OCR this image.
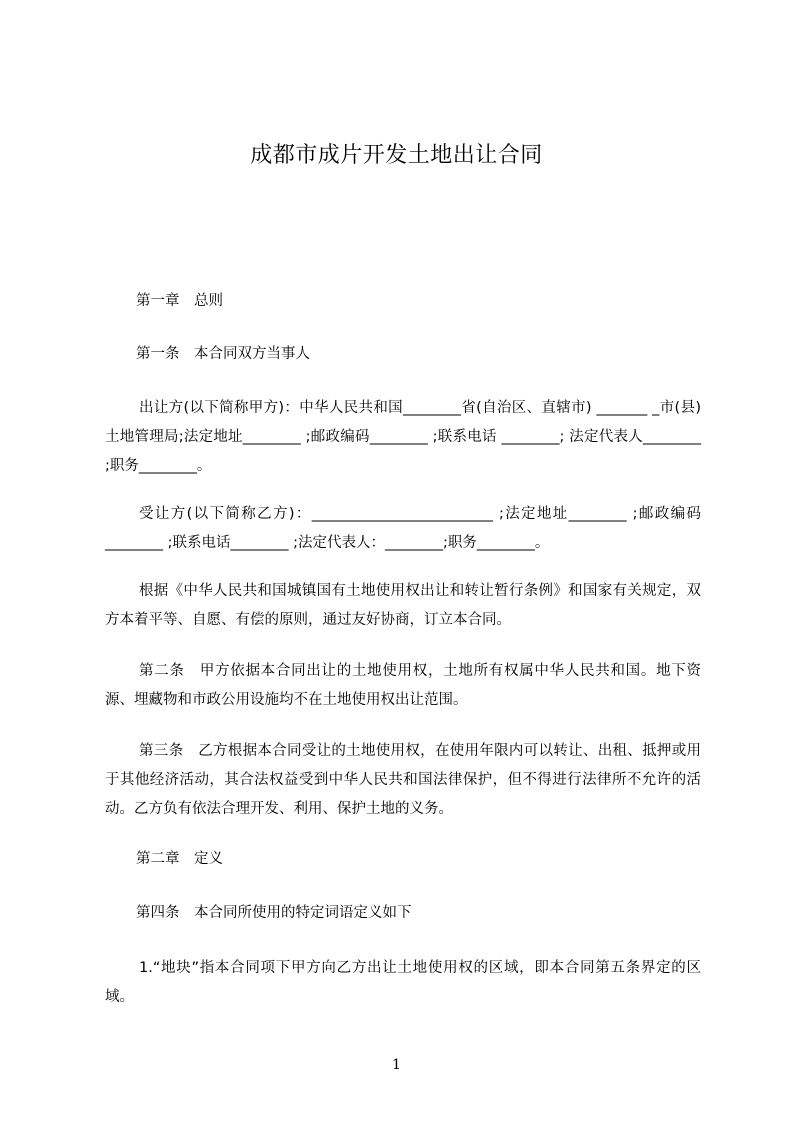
成都市成片开发土地出让合同
第一章　总则
第一条　本合同双方当事人
出让方(以下简称甲方)：中华人民共和国________省(自治区、直辖市) _______ _市(县)土地管理局;法定地址________ ;邮政编码________ ;联系电话 ________; 法定代表人________ ;职务________。
受让方(以下简称乙方)：_________________________ ;法定地址________ ;邮政编码________ ;联系电话________ ;法定代表人：________;职务________。
根据《中华人民共和国城镇国有土地使用权出让和转让暂行条例》和国家有关规定，双方本着平等、自愿、有偿的原则，通过友好协商，订立本合同。
第二条　甲方依据本合同出让的土地使用权，土地所有权属中华人民共和国。地下资源、埋藏物和市政公用设施均不在土地使用权出让范围。
第三条　乙方根据本合同受让的土地使用权，在使用年限内可以转让、出租、抵押或用于其他经济活动，其合法权益受到中华人民共和国法律保护，但不得进行法律所不允许的活动。乙方负有依法合理开发、利用、保护土地的义务。
第二章　定义
第四条　本合同所使用的特定词语定义如下
1.“地块”指本合同项下甲方向乙方出让土地使用权的区域，即本合同第五条界定的区域。
1
